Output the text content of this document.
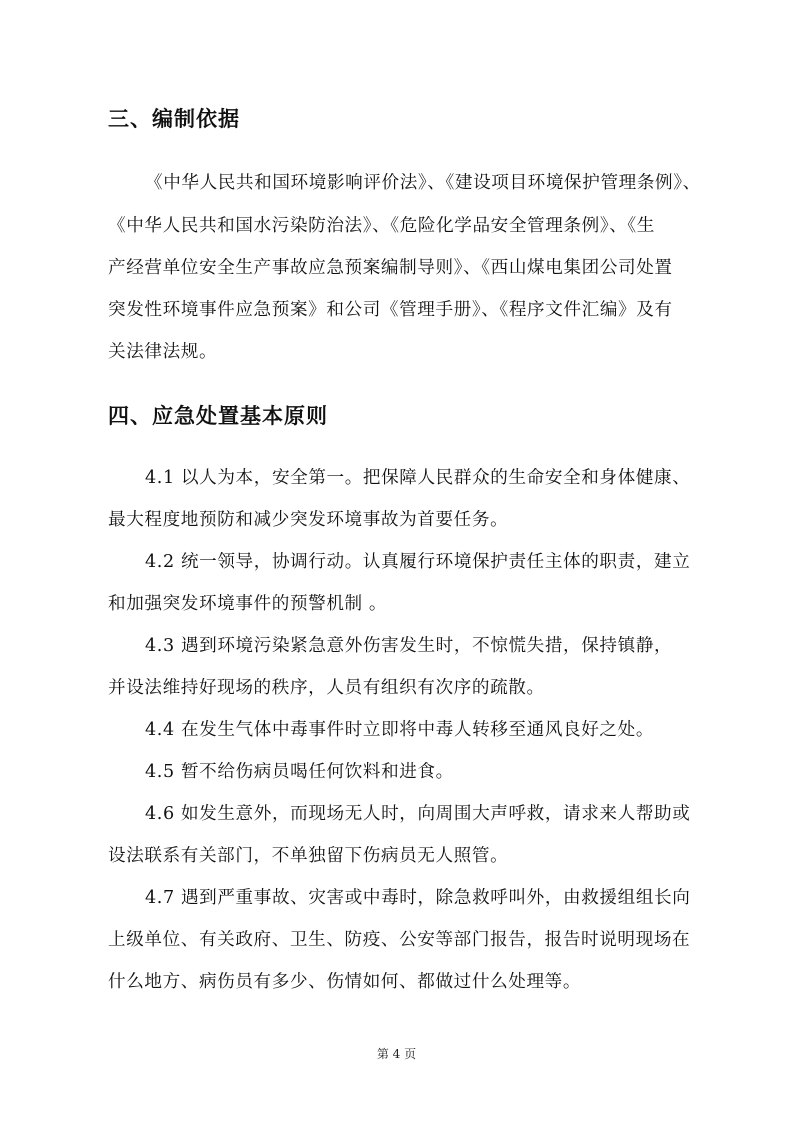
三、编制依据
《中华人民共和国环境影响评价法》、《建设项目环境保护管理条例》、
《中华人民共和国水污染防治法》、《危险化学品安全管理条例》、《生
产经营单位安全生产事故应急预案编制导则》、《西山煤电集团公司处置
突发性环境事件应急预案》和公司《管理手册》、《程序文件汇编》及有
关法律法规。
四、应急处置基本原则
4.1 以人为本，安全第一。把保障人民群众的生命安全和身体健康、
最大程度地预防和减少突发环境事故为首要任务。
4.2 统一领导，协调行动。认真履行环境保护责任主体的职责，建立
和加强突发环境事件的预警机制 。
4.3 遇到环境污染紧急意外伤害发生时，不惊慌失措，保持镇静，
并设法维持好现场的秩序，人员有组织有次序的疏散。
4.4 在发生气体中毒事件时立即将中毒人转移至通风良好之处。
4.5 暂不给伤病员喝任何饮料和进食。
4.6 如发生意外，而现场无人时，向周围大声呼救，请求来人帮助或
设法联系有关部门，不单独留下伤病员无人照管。
4.7 遇到严重事故、灾害或中毒时，除急救呼叫外，由救援组组长向
上级单位、有关政府、卫生、防疫、公安等部门报告，报告时说明现场在
什么地方、病伤员有多少、伤情如何、都做过什么处理等。
第 4 页
